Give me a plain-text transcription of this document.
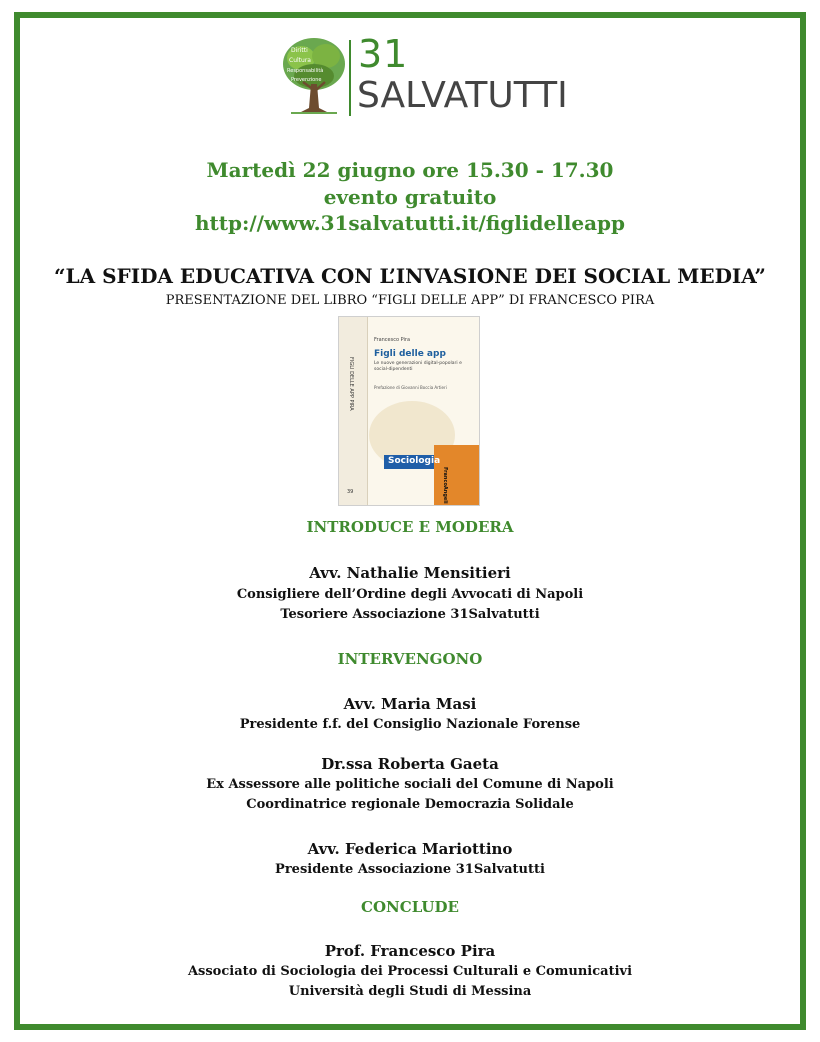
Diritti
Cultura
Responsabilità
Prevenzione
31
SALVATUTTI
Martedì 22 giugno ore 15.30 - 17.30
evento gratuito
http://www.31salvatutti.it/figlidelleapp
“LA SFIDA EDUCATIVA CON L’INVASIONE DEI SOCIAL MEDIA”
PRESENTAZIONE DEL LIBRO “FIGLI DELLE APP” DI FRANCESCO PIRA
FIGLI DELLE APP PIRA
Francesco Pira
Figli delle app
Le nuove generazioni digital-popolari e social-dipendenti
Prefazione di Giovanni Boccia Artieri
Sociologia
FrancoAngeli
39
INTRODUCE E MODERA
Avv. Nathalie Mensitieri
Consigliere dell’Ordine degli Avvocati di Napoli
Tesoriere Associazione 31Salvatutti
INTERVENGONO
Avv. Maria Masi
Presidente f.f. del Consiglio Nazionale Forense
Dr.ssa Roberta Gaeta
Ex Assessore alle politiche sociali del Comune di Napoli
Coordinatrice regionale Democrazia Solidale
Avv. Federica Mariottino
Presidente Associazione 31Salvatutti
CONCLUDE
Prof. Francesco Pira
Associato di Sociologia dei Processi Culturali e Comunicativi
Università degli Studi di Messina
